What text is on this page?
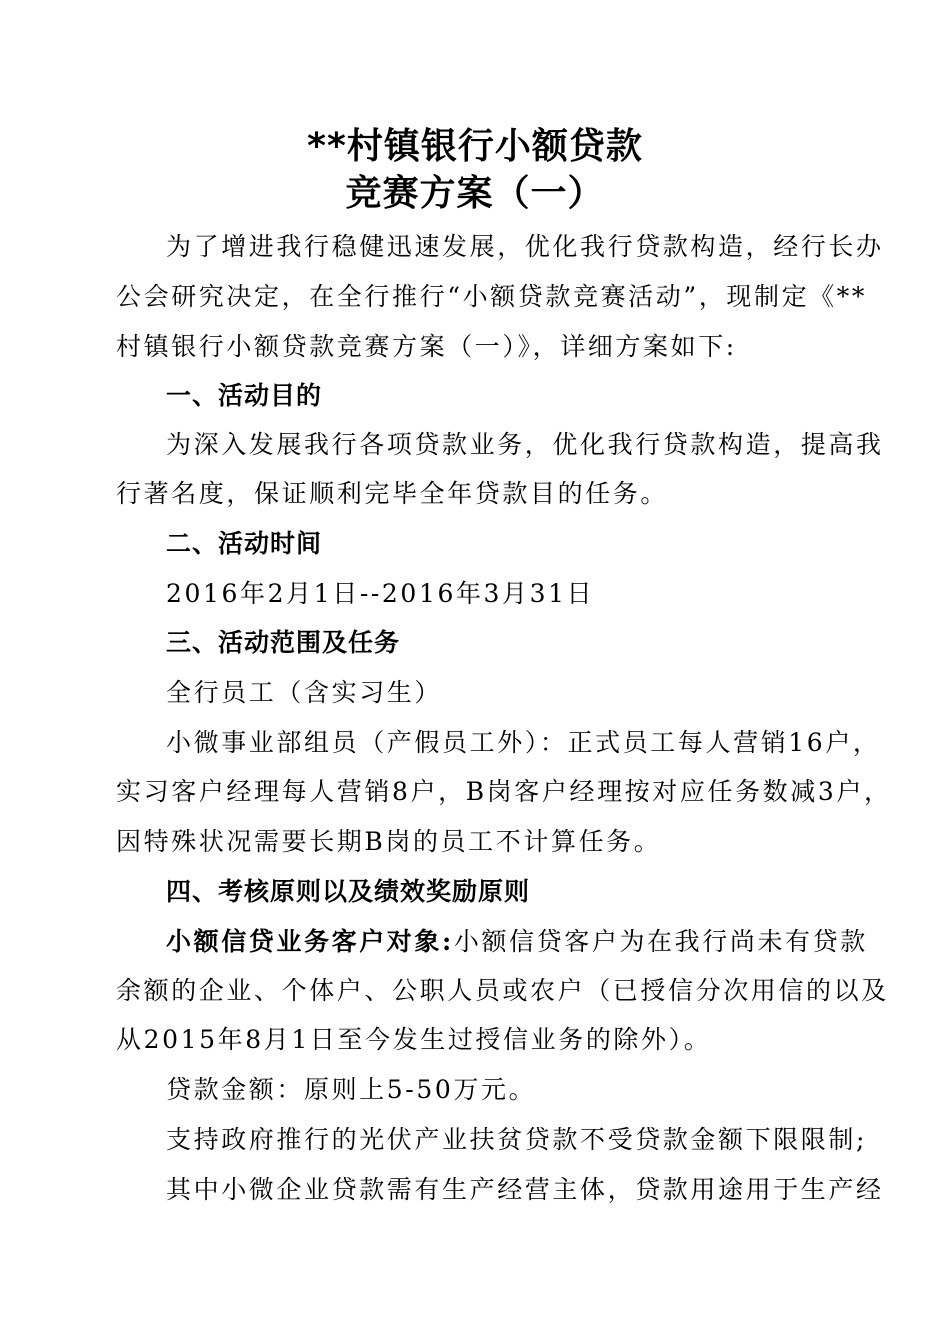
**村镇银行小额贷款
竞赛方案（一）
为了增进我行稳健迅速发展，优化我行贷款构造，经行长办
公会研究决定，在全行推行“小额贷款竞赛活动”，现制定《**
村镇银行小额贷款竞赛方案（一）》，详细方案如下:
一、活动目的
为深入发展我行各项贷款业务，优化我行贷款构造，提高我
行著名度，保证顺利完毕全年贷款目的任务。
二、活动时间
2016年2月1日--2016年3月31日
三、活动范围及任务
全行员工（含实习生）
小微事业部组员（产假员工外）：正式员工每人营销16户，
实习客户经理每人营销8户，B岗客户经理按对应任务数减3户，
因特殊状况需要长期B岗的员工不计算任务。
四、考核原则以及绩效奖励原则
小额信贷业务客户对象:小额信贷客户为在我行尚未有贷款
余额的企业、个体户、公职人员或农户（已授信分次用信的以及
从2015年8月1日至今发生过授信业务的除外）。
贷款金额：原则上5-50万元。
支持政府推行的光伏产业扶贫贷款不受贷款金额下限限制;
其中小微企业贷款需有生产经营主体，贷款用途用于生产经
